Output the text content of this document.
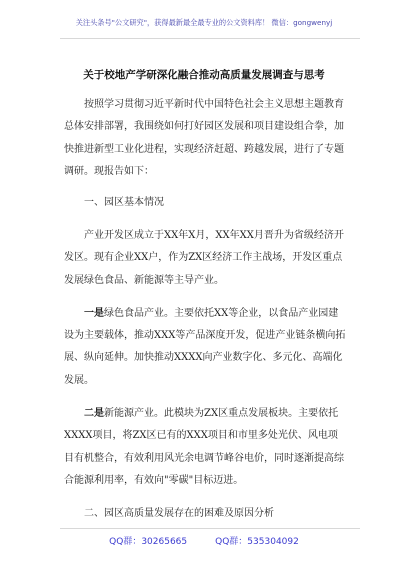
关注头条号"公文研究"，获得最新最全最专业的公文资料库！ 微信：gongwenyj
关于校地产学研深化融合推动高质量发展调查与思考

按照学习贯彻习近平新时代中国特色社会主义思想主题教育总体安排部署，我围绕如何打好园区发展和项目建设组合拳，加快推进新型工业化进程，实现经济赶超、跨越发展，进行了专题调研。现报告如下：

一、园区基本情况

产业开发区成立于XX年X月，XX年XX月晋升为省级经济开发区。现有企业XX户，作为ZX区经济工作主战场，开发区重点发展绿色食品、新能源等主导产业。

一是绿色食品产业。主要依托XX等企业，以食品产业园建设为主要载体，推动XXX等产品深度开发，促进产业链条横向拓展、纵向延伸。加快推动XXXX向产业数字化、多元化、高端化发展。

二是新能源产业。此模块为ZX区重点发展板块。主要依托XXXX项目，将ZX区已有的XXX项目和市里多处光伏、风电项目有机整合，有效利用风光余电调节峰谷电价，同时逐渐提高综合能源利用率，有效向"零碳"目标迈进。

二、园区高质量发展存在的困难及原因分析

QQ群：30265665	QQ群：535304092
